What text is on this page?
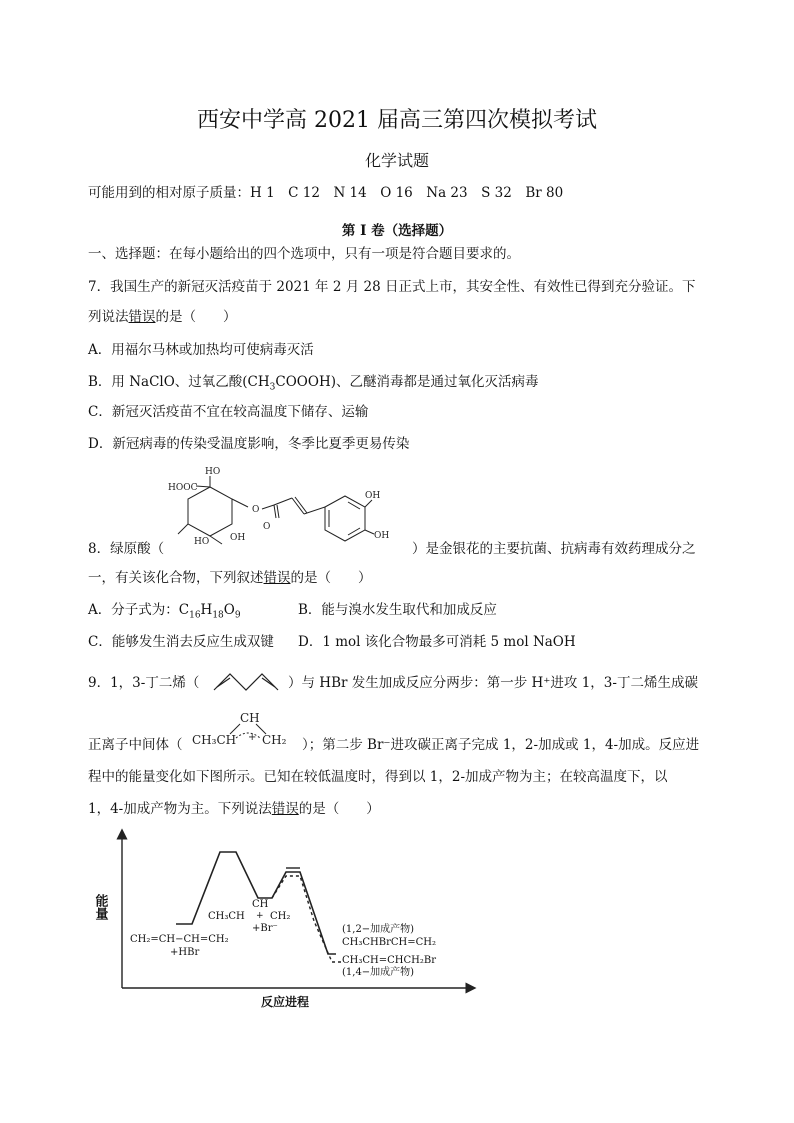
西安中学高 2021 届高三第四次模拟考试
化学试题
可能用到的相对原子质量：H 1　C 12　N 14　O 16　Na 23　S 32　Br 80
第 I 卷（选择题）
一、选择题：在每小题给出的四个选项中，只有一项是符合题目要求的。
7．我国生产的新冠灭活疫苗于 2021 年 2 月 28 日正式上市，其安全性、有效性已得到充分验证。下
列说法错误的是（　　）
A．用福尔马林或加热均可使病毒灭活
B．用 NaClO、过氧乙酸$(CH_3COOOH)$、乙醚消毒都是通过氧化灭活病毒
C．新冠灭活疫苗不宜在较高温度下储存、运输
D．新冠病毒的传染受温度影响，冬季比夏季更易传染
HO
HOOC
OH
HO
O
O
OH
OH
8．绿原酸（	）是金银花的主要抗菌、抗病毒有效药理成分之
一，有关该化合物，下列叙述错误的是（　　）
A．分子式为：$C_{16}H_{18}O_9$	B．能与溴水发生取代和加成反应
C．能够发生消去反应生成双键 D．1 mol 该化合物最多可消耗 5 mol NaOH
9．1，3-丁二烯（	）与 HBr 发生加成反应分两步：第一步 H⁺进攻 1，3-丁二烯生成碳
正离子中间体（
CH
CH₃CH + CH₂ ）；第二步 Br⁻进攻碳正离子完成 1，2-加成或 1，4-加成。反应进
程中的能量变化如下图所示。已知在较低温度时，得到以 1，2-加成产物为主；在较高温度下，以
1，4-加成产物为主。下列说法错误的是（　　）
能量
反应进程
CH₂=CH−CH=CH₂
+HBr
CH
CH₃CH + CH₂
+Br⁻	(1,2−加成产物)
CH₃CHBrCH=CH₂
CH₃CH=CHCH₂Br
(1,4−加成产物)
